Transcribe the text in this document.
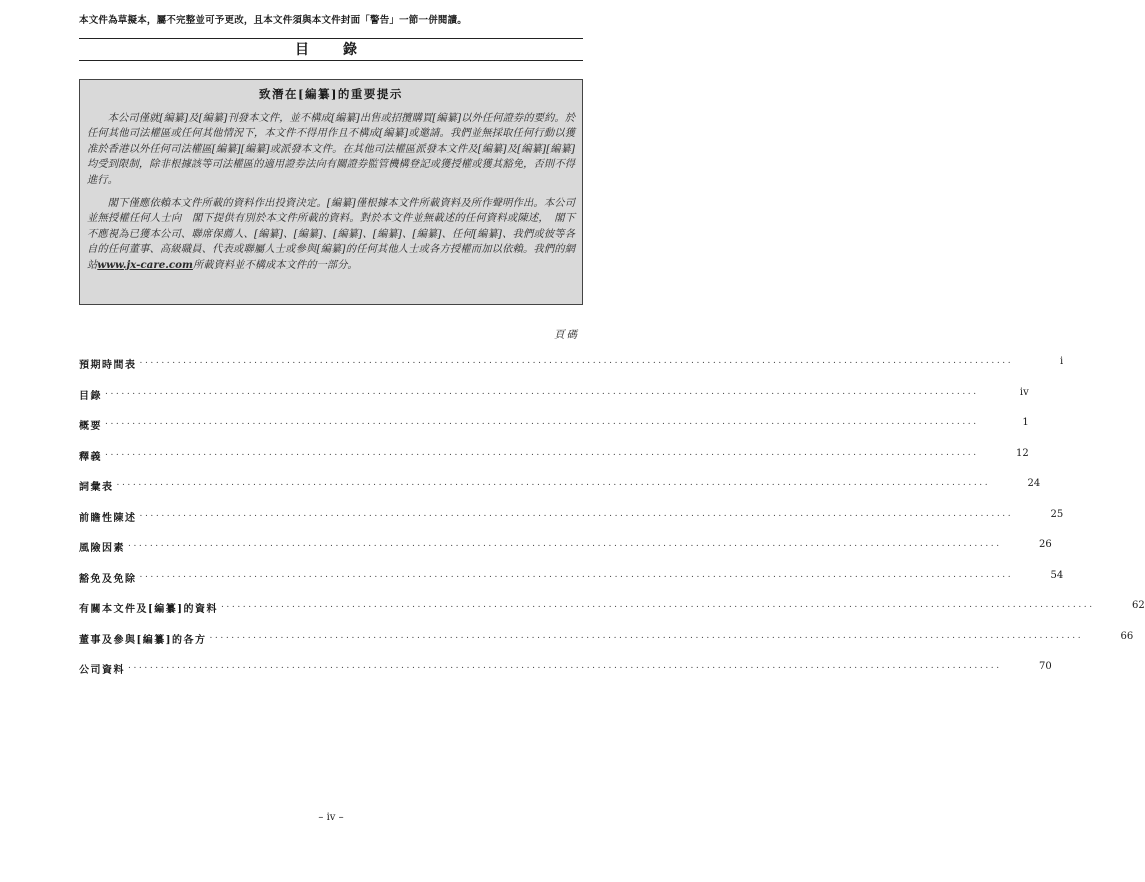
本文件為草擬本，屬不完整並可予更改，且本文件須與本文件封面「警告」一節一併閱讀。
目　錄
致潛在[編纂]的重要提示

本公司僅就[編纂]及[編纂]刊發本文件，並不構成[編纂]出售或招攬購買[編纂]以外任何證券的要約。於任何其他司法權區或任何其他情況下，本文件不得用作且不構成[編纂]或邀請。我們並無採取任何行動以獲准於香港以外任何司法權區[編纂][編纂]或派發本文件。在其他司法權區派發本文件及[編纂]及[編纂][編纂]均受到限制，除非根據該等司法權區的適用證券法向有關證券監管機構登記或獲授權或獲其豁免，否則不得進行。

閣下僅應依賴本文件所載的資料作出投資決定。[編纂]僅根據本文件所載資料及所作聲明作出。本公司並無授權任何人士向　閣下提供有別於本文件所載的資料。對於本文件並無載述的任何資料或陳述，　閣下不應視為已獲本公司、聯席保薦人、[編纂]、[編纂]、[編纂]、[編纂]、[編纂]、任何[編纂]、我們或彼等各自的任何董事、高級職員、代表或聯屬人士或參與[編纂]的任何其他人士或各方授權而加以依賴。我們的網站www.jx-care.com所載資料並不構成本文件的一部分。

頁碼
預期時間表 ................................................................................................................................................................	i
目錄 ................................................................................................................................................................	iv
概要 ................................................................................................................................................................	1
釋義 ................................................................................................................................................................	12
詞彙表 ................................................................................................................................................................	24
前瞻性陳述 ................................................................................................................................................................	25
風險因素 ................................................................................................................................................................	26
豁免及免除 ................................................................................................................................................................	54
有關本文件及[編纂]的資料 ................................................................................................................................................................	62
董事及參與[編纂]的各方 ................................................................................................................................................................	66
公司資料 ................................................................................................................................................................	70
– iv –
